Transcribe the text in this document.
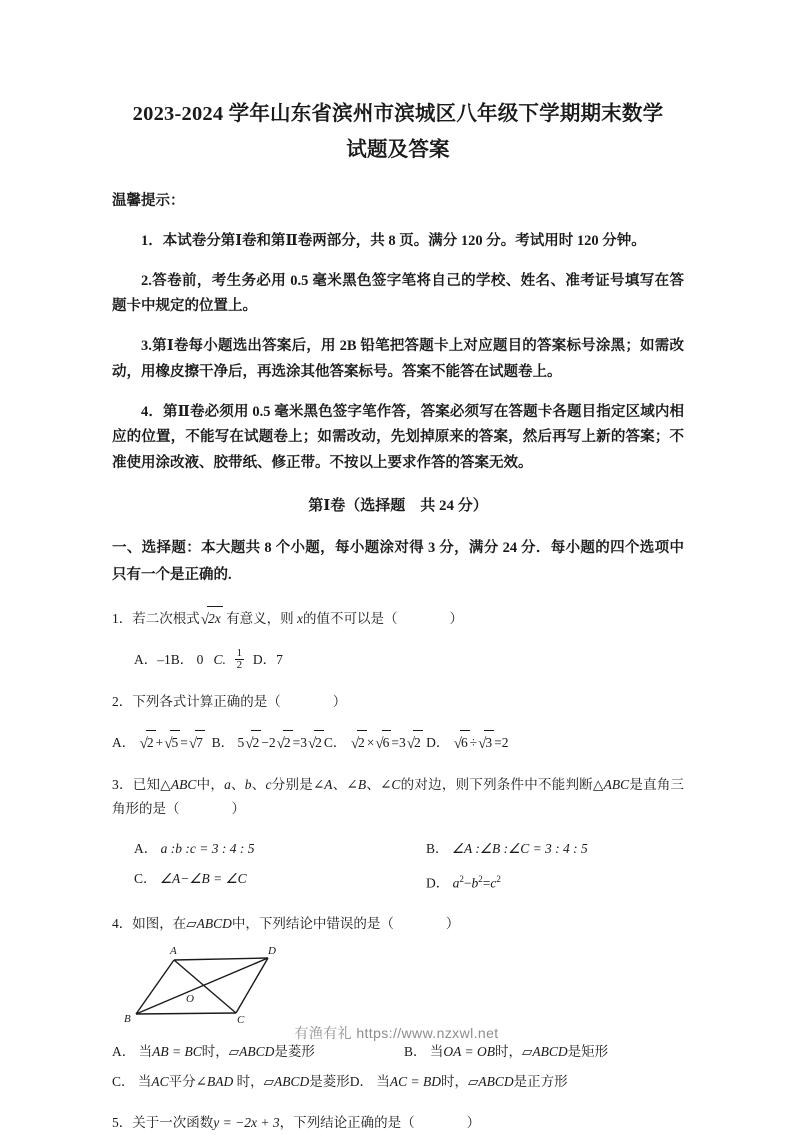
2023-2024 学年山东省滨州市滨城区八年级下学期期末数学
试题及答案
温馨提示：

1．本试卷分第Ⅰ卷和第Ⅱ卷两部分，共 8 页。满分 120 分。考试用时 120 分钟。

2.答卷前，考生务必用 0.5 毫米黑色签字笔将自己的学校、姓名、准考证号填写在答题卡中规定的位置上。

3.第Ⅰ卷每小题选出答案后，用 2B 铅笔把答题卡上对应题目的答案标号涂黑；如需改动，用橡皮擦干净后，再选涂其他答案标号。答案不能答在试题卷上。

4．第Ⅱ卷必须用 0.5 毫米黑色签字笔作答，答案必须写在答题卡各题目指定区域内相应的位置，不能写在试题卷上；如需改动，先划掉原来的答案，然后再写上新的答案；不准使用涂改液、胶带纸、修正带。不按以上要求作答的答案无效。

第Ⅰ卷（选择题　共 24 分）

一、选择题：本大题共 8 个小题，每小题涂对得 3 分，满分 24 分．每小题的四个选项中只有一个是正确的.

1．若二次根式√2x 有意义，则 x的值不可以是（	）
A．–1B． 0 C. $\frac{1}{2}$ D．7
2．下列各式计算正确的是（	）
A． √2 +√5 =√7 B． 5√2 −2√2 =3√2 C． √2 ×√6 =3√2 D． √6 ÷√3 =2
3．已知△ABC中，a、b、c分别是∠A、∠B、∠C的对边，则下列条件中不能判断△ABC是直角三角形的是（	）
A． a :b :c = 3 : 4 : 5	B． ∠A :∠B :∠C = 3 : 4 : 5
C． ∠A−∠B = ∠C	D． $a^2-b^2=c^2$
4．如图，在▱ABCD中，下列结论中错误的是（	）
A
B	C
D
O
A． 当AB = BC时，▱ABCD是菱形	B． 当OA = OB时，▱ABCD是矩形
C． 当AC平分∠BAD 时，▱ABCD是菱形D． 当AC = BD时，▱ABCD是正方形
5．关于一次函数y = −2x + 3，下列结论正确的是（	）
有渔有礼 https://www.nzxwl.net
